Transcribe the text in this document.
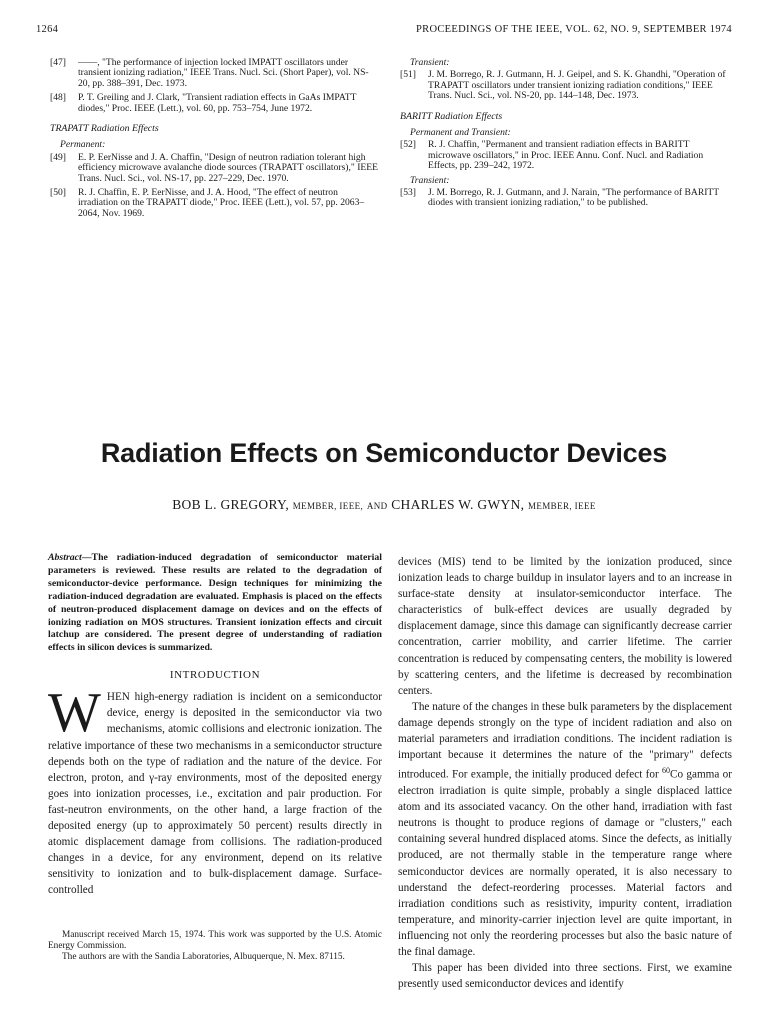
1264	PROCEEDINGS OF THE IEEE, VOL. 62, NO. 9, SEPTEMBER 1974
[47] ——, "The performance of injection locked IMPATT oscillators under transient ionizing radiation," IEEE Trans. Nucl. Sci. (Short Paper), vol. NS-20, pp. 388–391, Dec. 1973.
[48] P. T. Greiling and J. Clark, "Transient radiation effects in GaAs IMPATT diodes," Proc. IEEE (Lett.), vol. 60, pp. 753–754, June 1972.
TRAPATT Radiation Effects
Permanent:
[49] E. P. EerNisse and J. A. Chaffin, "Design of neutron radiation tolerant high efficiency microwave avalanche diode sources (TRAPATT oscillators)," IEEE Trans. Nucl. Sci., vol. NS-17, pp. 227–229, Dec. 1970.
[50] R. J. Chaffin, E. P. EerNisse, and J. A. Hood, "The effect of neutron irradiation on the TRAPATT diode," Proc. IEEE (Lett.), vol. 57, pp. 2063–2064, Nov. 1969.
Transient:
[51] J. M. Borrego, R. J. Gutmann, H. J. Geipel, and S. K. Ghandhi, "Operation of TRAPATT oscillators under transient ionizing radiation conditions," IEEE Trans. Nucl. Sci., vol. NS-20, pp. 144–148, Dec. 1973.
BARITT Radiation Effects
Permanent and Transient:
[52] R. J. Chaffin, "Permanent and transient radiation effects in BARITT microwave oscillators," in Proc. IEEE Annu. Conf. Nucl. and Radiation Effects, pp. 239–242, 1972.
Transient:
[53] J. M. Borrego, R. J. Gutmann, and J. Narain, "The performance of BARITT diodes with transient ionizing radiation," to be published.
Radiation Effects on Semiconductor Devices
BOB L. GREGORY, MEMBER, IEEE, AND CHARLES W. GWYN, MEMBER, IEEE

Abstract—The radiation-induced degradation of semiconductor material parameters is reviewed. These results are related to the degradation of semiconductor-device performance. Design techniques for minimizing the radiation-induced degradation are evaluated. Emphasis is placed on the effects of neutron-produced displacement damage on devices and on the effects of ionizing radiation on MOS structures. Transient ionization effects and circuit latchup are considered. The present degree of understanding of radiation effects in silicon devices is summarized.

INTRODUCTION

WHEN high-energy radiation is incident on a semiconductor device, energy is deposited in the semiconductor via two mechanisms, atomic collisions and electronic ionization. The relative importance of these two mechanisms in a semiconductor structure depends both on the type of radiation and the nature of the device. For electron, proton, and γ-ray environments, most of the deposited energy goes into ionization processes, i.e., excitation and pair production. For fast-neutron environments, on the other hand, a large fraction of the deposited energy (up to approximately 50 percent) results directly in atomic displacement damage from collisions. The radiation-produced changes in a device, for any environment, depend on its relative sensitivity to ionization and to bulk-displacement damage. Surface-controlled

Manuscript received March 15, 1974. This work was supported by the U.S. Atomic Energy Commission.

The authors are with the Sandia Laboratories, Albuquerque, N. Mex. 87115.

devices (MIS) tend to be limited by the ionization produced, since ionization leads to charge buildup in insulator layers and to an increase in surface-state density at insulator-semiconductor interface. The characteristics of bulk-effect devices are usually degraded by displacement damage, since this damage can significantly decrease carrier concentration, carrier mobility, and carrier lifetime. The carrier concentration is reduced by compensating centers, the mobility is lowered by scattering centers, and the lifetime is decreased by recombination centers.

The nature of the changes in these bulk parameters by the displacement damage depends strongly on the type of incident radiation and also on material parameters and irradiation conditions. The incident radiation is important because it determines the nature of the "primary" defects introduced. For example, the initially produced defect for $^{60}$Co gamma or electron irradiation is quite simple, probably a single displaced lattice atom and its associated vacancy. On the other hand, irradiation with fast neutrons is thought to produce regions of damage or "clusters," each containing several hundred displaced atoms. Since the defects, as initially produced, are not thermally stable in the temperature range where semiconductor devices are normally operated, it is also necessary to understand the defect-reordering processes. Material factors and irradiation conditions such as resistivity, impurity content, irradiation temperature, and minority-carrier injection level are quite important, in influencing not only the reordering processes but also the basic nature of the final damage.

This paper has been divided into three sections. First, we examine presently used semiconductor devices and identify
